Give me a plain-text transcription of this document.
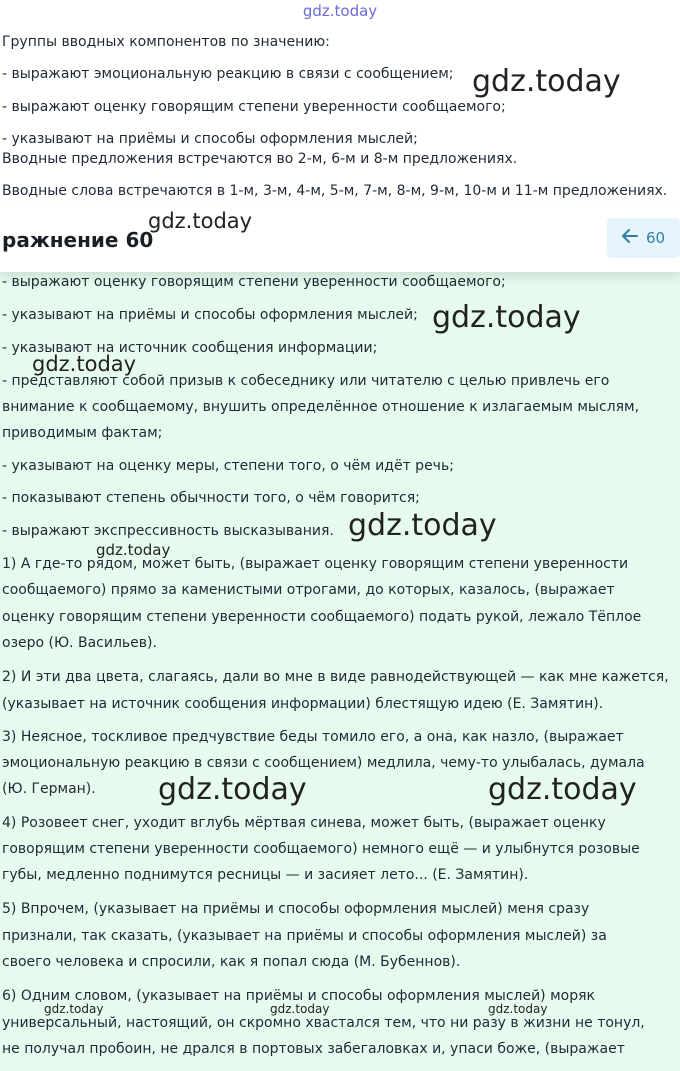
gdz.today
Группы вводных компонентов по значению:
- выражают эмоциональную реакцию в связи с сообщением;
- выражают оценку говорящим степени уверенности сообщаемого;
- указывают на приёмы и способы оформления мыслей;
Вводные предложения встречаются во 2-м, 6-м и 8-м предложениях.
Вводные слова встречаются в 1-м, 3-м, 4-м, 5-м, 7-м, 8-м, 9-м, 10-м и 11-м предложениях.
ражнение 60	60
- выражают оценку говорящим степени уверенности сообщаемого;
- указывают на приёмы и способы оформления мыслей;
- указывают на источник сообщения информации;
- представляют собой призыв к собеседнику или читателю с целью привлечь его
внимание к сообщаемому, внушить определённое отношение к излагаемым мыслям,
приводимым фактам;
- указывают на оценку меры, степени того, о чём идёт речь;
- показывают степень обычности того, о чём говорится;
- выражают экспрессивность высказывания.
1) А где-то рядом, может быть, (выражает оценку говорящим степени уверенности
сообщаемого) прямо за каменистыми отрогами, до которых, казалось, (выражает
оценку говорящим степени уверенности сообщаемого) подать рукой, лежало Тёплое
озеро (Ю. Васильев).
2) И эти два цвета, слагаясь, дали во мне в виде равнодействующей — как мне кажется,
(указывает на источник сообщения информации) блестящую идею (Е. Замятин).
3) Неясное, тоскливое предчувствие беды томило его, а она, как назло, (выражает
эмоциональную реакцию в связи с сообщением) медлила, чему-то улыбалась, думала
(Ю. Герман).
4) Розовеет снег, уходит вглубь мёртвая синева, может быть, (выражает оценку
говорящим степени уверенности сообщаемого) немного ещё — и улыбнутся розовые
губы, медленно поднимутся ресницы — и засияет лето... (Е. Замятин).
5) Впрочем, (указывает на приёмы и способы оформления мыслей) меня сразу
признали, так сказать, (указывает на приёмы и способы оформления мыслей) за
своего человека и спросили, как я попал сюда (М. Бубеннов).
6) Одним словом, (указывает на приёмы и способы оформления мыслей) моряк
универсальный, настоящий, он скромно хвастался тем, что ни разу в жизни не тонул,
не получал пробоин, не дрался в портовых забегаловках и, упаси боже, (выражает
gdz.today
gdz.today
gdz.today
gdz.today
gdz.today
gdz.today
gdz.today	gdz.today
gdz.today	gdz.today	gdz.today
